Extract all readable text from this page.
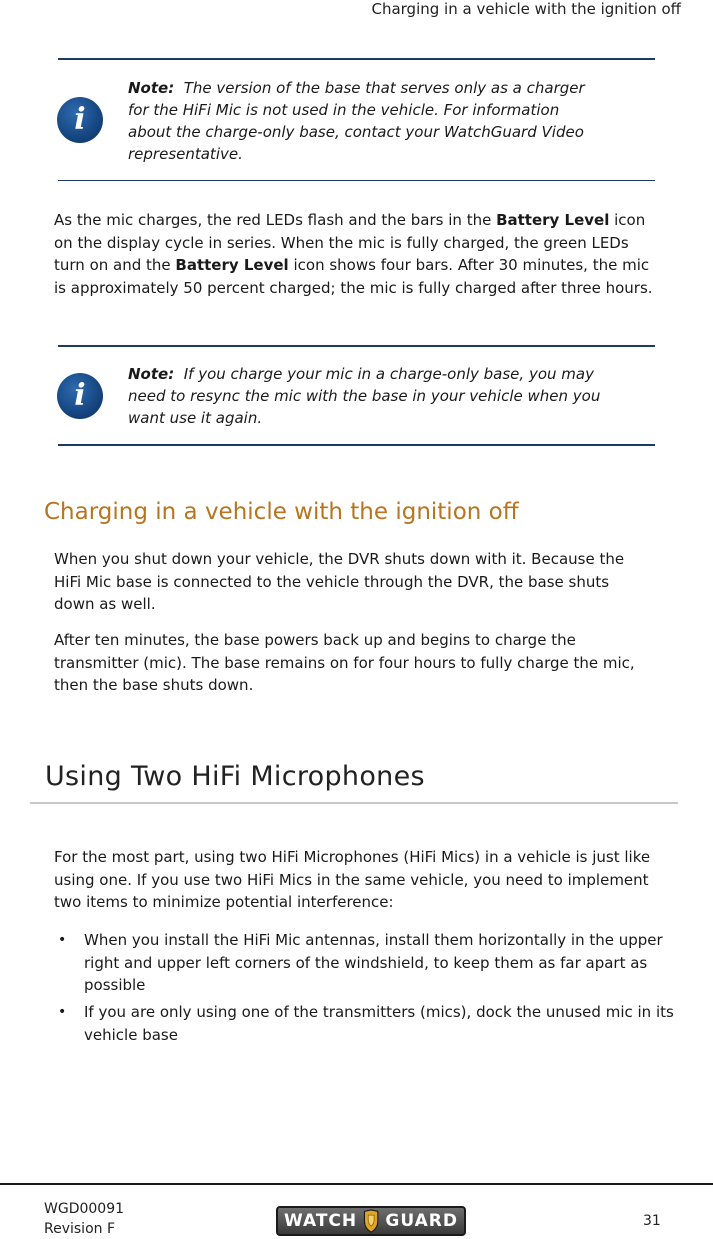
Charging in a vehicle with the ignition off
i
Note: The version of the base that serves only as a charger for the HiFi Mic is not used in the vehicle. For information about the charge-only base, contact your WatchGuard Video representative.
As the mic charges, the red LEDs flash and the bars in the Battery Level icon on the display cycle in series. When the mic is fully charged, the green LEDs turn on and the Battery Level icon shows four bars. After 30 minutes, the mic is approximately 50 percent charged; the mic is fully charged after three hours.
i
Note: If you charge your mic in a charge-only base, you may need to resync the mic with the base in your vehicle when you want use it again.
Charging in a vehicle with the ignition off
When you shut down your vehicle, the DVR shuts down with it. Because the HiFi Mic base is connected to the vehicle through the DVR, the base shuts down as well.
After ten minutes, the base powers back up and begins to charge the transmitter (mic). The base remains on for four hours to fully charge the mic, then the base shuts down.
Using Two HiFi Microphones
For the most part, using two HiFi Microphones (HiFi Mics) in a vehicle is just like using one. If you use two HiFi Mics in the same vehicle, you need to implement two items to minimize potential interference:
• When you install the HiFi Mic antennas, install them horizontally in the upper right and upper left corners of the windshield, to keep them as far apart as possible
• If you are only using one of the transmitters (mics), dock the unused mic in its vehicle base
WGD00091
Revision F	WATCH	GUARD	31
